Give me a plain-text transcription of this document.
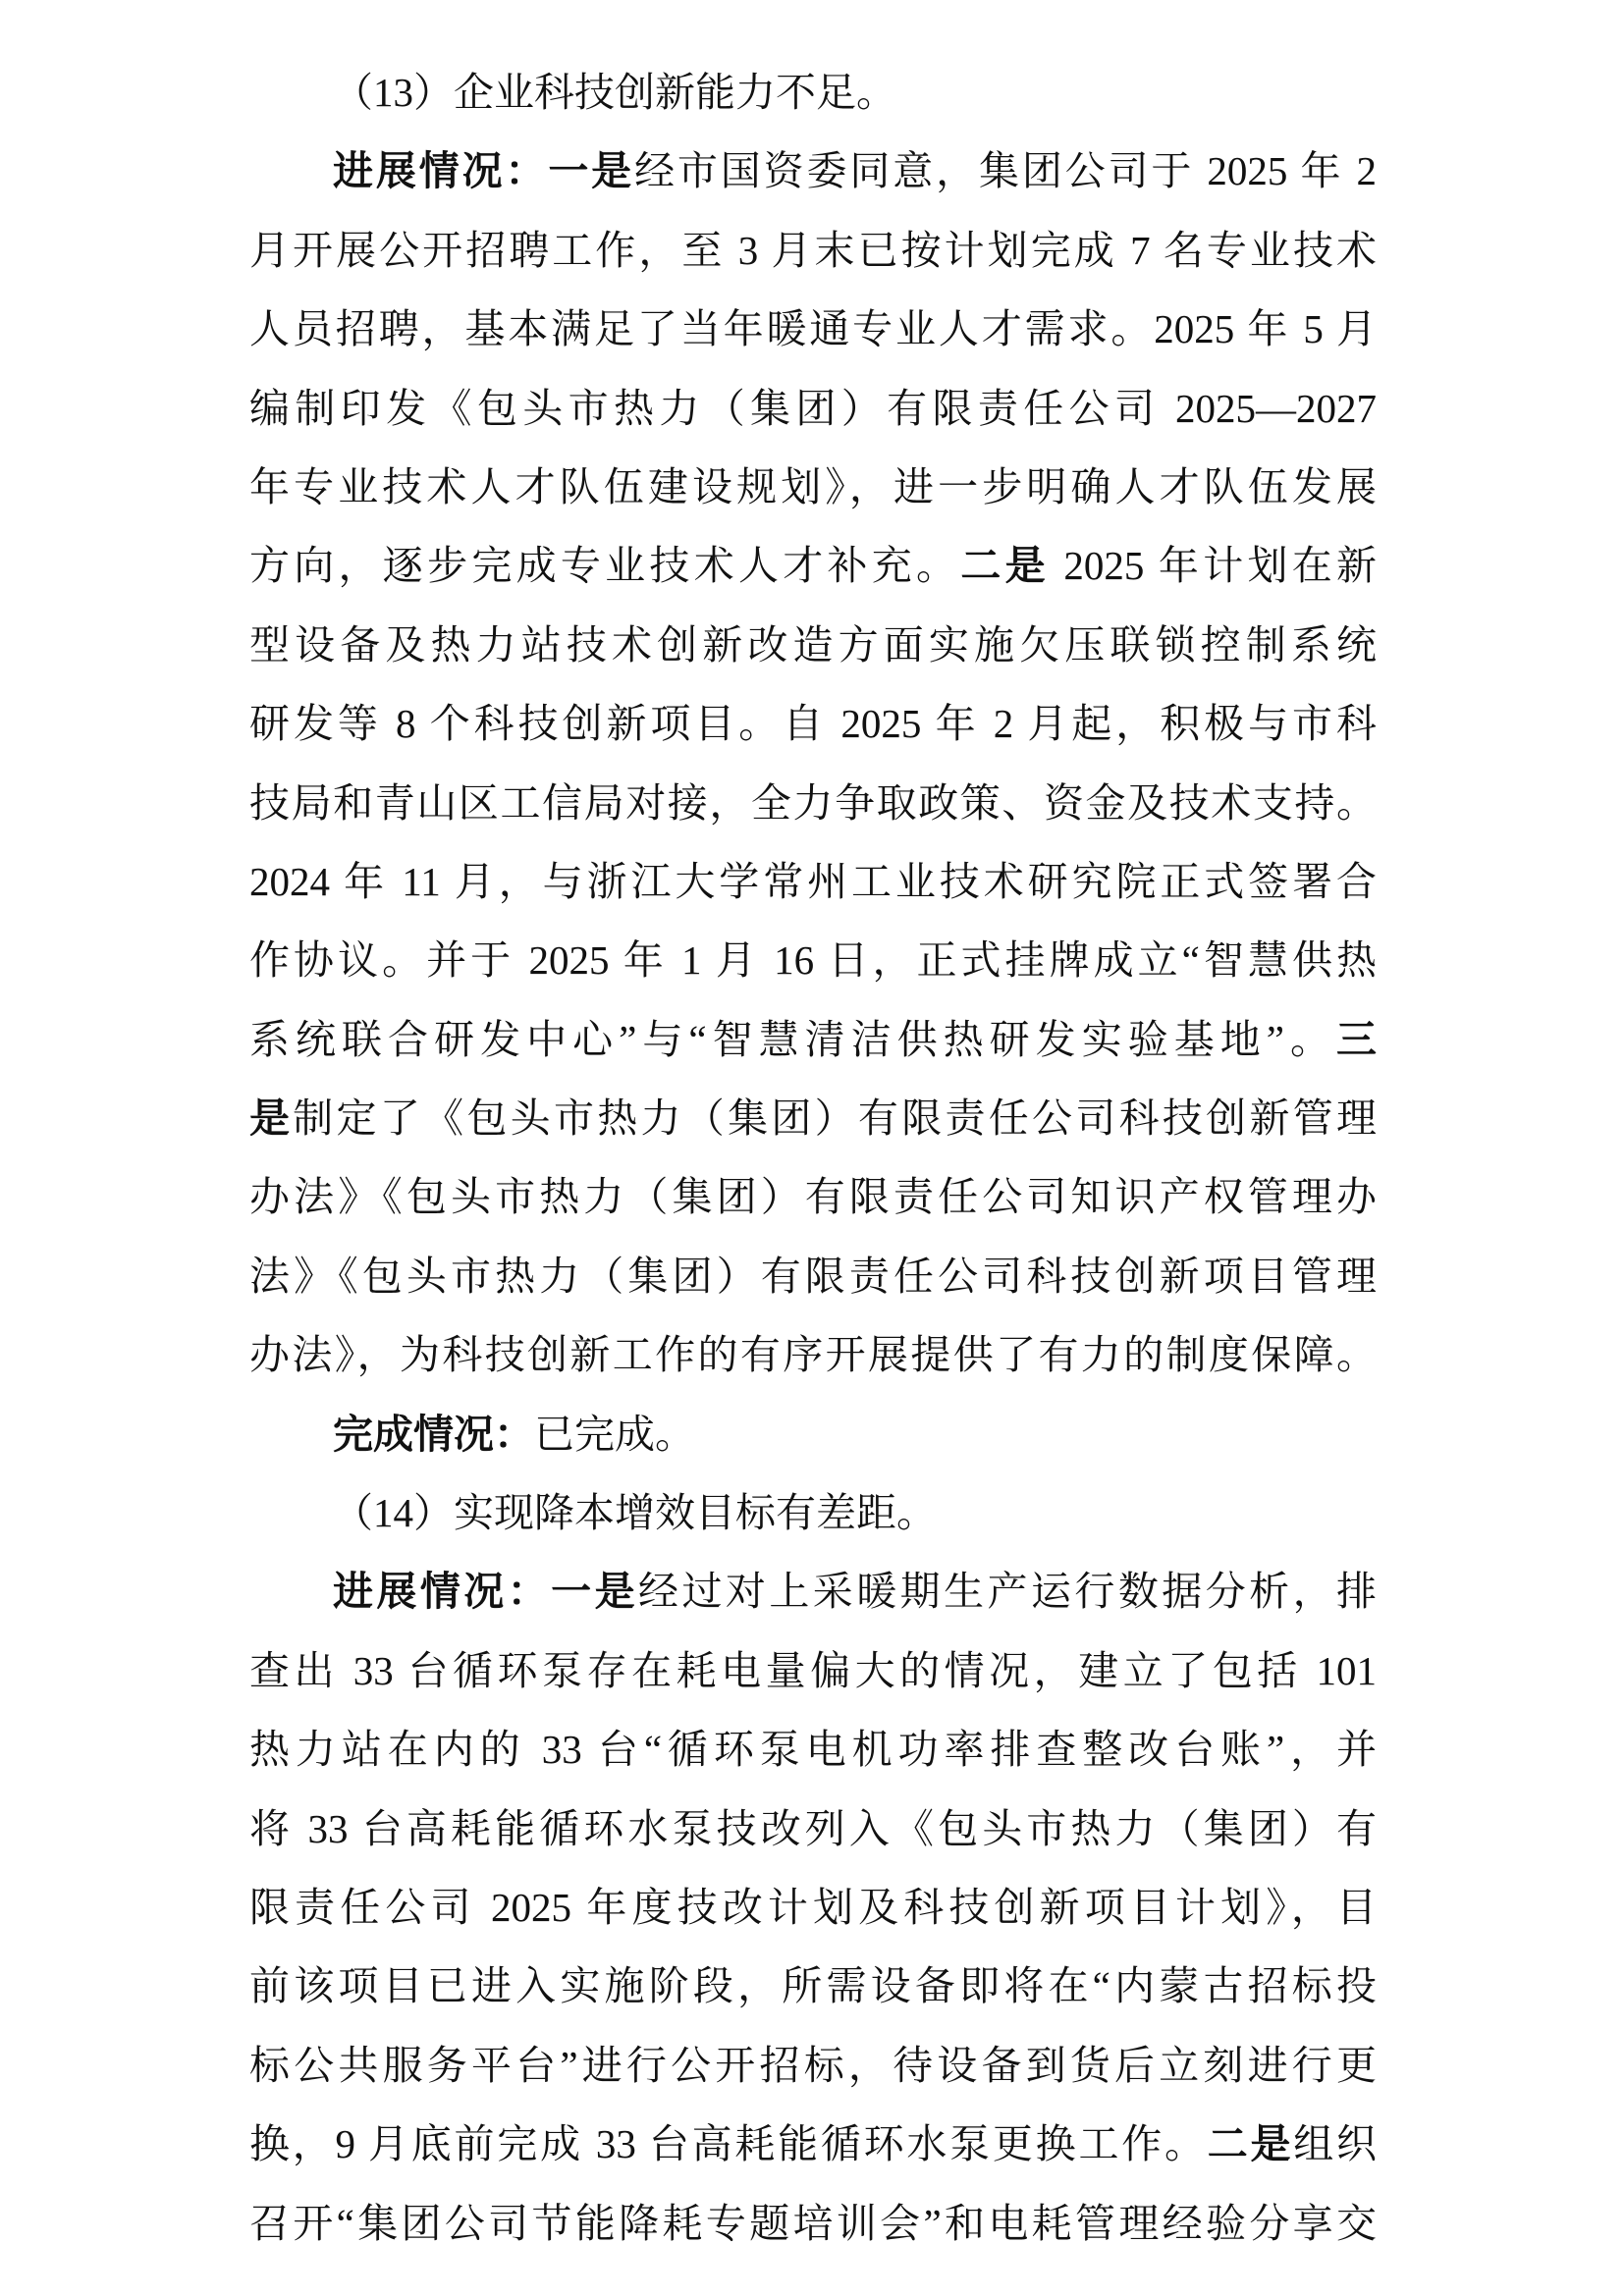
（13）企业科技创新能力不足。
进展情况：一是经市国资委同意，集团公司于 2025 年 2
月开展公开招聘工作，至 3 月末已按计划完成 7 名专业技术
人员招聘，基本满足了当年暖通专业人才需求。2025 年 5 月
编制印发《包头市热力（集团）有限责任公司 2025—2027
年专业技术人才队伍建设规划》，进一步明确人才队伍发展
方向，逐步完成专业技术人才补充。二是 2025 年计划在新
型设备及热力站技术创新改造方面实施欠压联锁控制系统
研发等 8 个科技创新项目。自 2025 年 2 月起，积极与市科
技局和青山区工信局对接，全力争取政策、资金及技术支持。
2024 年 11 月，与浙江大学常州工业技术研究院正式签署合
作协议。并于 2025 年 1 月 16 日，正式挂牌成立“智慧供热
系统联合研发中心”与“智慧清洁供热研发实验基地”。三
是制定了《包头市热力（集团）有限责任公司科技创新管理
办法》《包头市热力（集团）有限责任公司知识产权管理办
法》《包头市热力（集团）有限责任公司科技创新项目管理
办法》，为科技创新工作的有序开展提供了有力的制度保障。
完成情况：已完成。
（14）实现降本增效目标有差距。
进展情况：一是经过对上采暖期生产运行数据分析，排
查出 33 台循环泵存在耗电量偏大的情况，建立了包括 101
热力站在内的 33 台“循环泵电机功率排查整改台账”，并
将 33 台高耗能循环水泵技改列入《包头市热力（集团）有
限责任公司 2025 年度技改计划及科技创新项目计划》，目
前该项目已进入实施阶段，所需设备即将在“内蒙古招标投
标公共服务平台”进行公开招标，待设备到货后立刻进行更
换，9 月底前完成 33 台高耗能循环水泵更换工作。二是组织
召开“集团公司节能降耗专题培训会”和电耗管理经验分享交
